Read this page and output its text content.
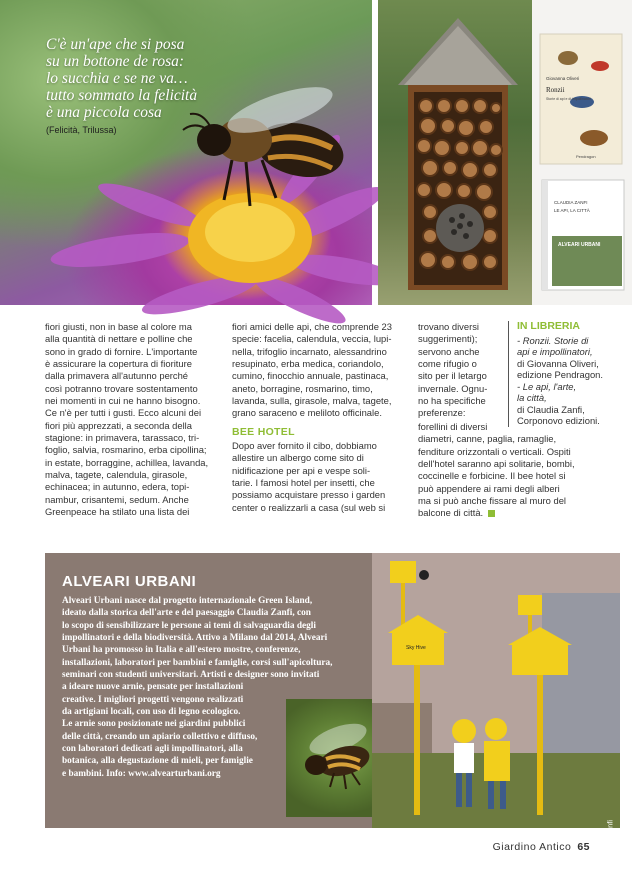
C'è un'ape che si posa
su un bottone de rosa:
lo succhia e se ne va…
tutto sommato la felicità
è una piccola cosa
(Felicità, Trilussa)
Giovanna Oliveri
Ronzii
Storie di api e di impollinatori
Pendragon
CLAUDIA ZANFI
LE API, LA CITTÀ
ALVEARI URBANI

fiori giusti, non in base al colore ma

alla quantità di nettare e polline che

sono in grado di fornire. L'importante

è assicurare la copertura di fioriture

dalla primavera all'autunno perché

così potranno trovare sostentamento

nei momenti in cui ne hanno bisogno.

Ce n'è per tutti i gusti. Ecco alcuni dei

fiori più apprezzati, a seconda della

stagione: in primavera, tarassaco, tri-

foglio, salvia, rosmarino, erba cipollina;

in estate, borraggine, achillea, lavanda,

malva, tagete, calendula, girasole,

echinacea; in autunno, edera, topi-

nambur, crisantemi, sedum. Anche

Greenpeace ha stilato una lista dei

fiori amici delle api, che comprende 23

specie: facelia, calendula, veccia, lupi-

nella, trifoglio incarnato, alessandrino

resupinato, erba medica, coriandolo,

cumino, finocchio annuale, pastinaca,

aneto, borragine, rosmarino, timo,

lavanda, sulla, girasole, malva, tagete,

grano saraceno e meliloto officinale.

BEE HOTEL

Dopo aver fornito il cibo, dobbiamo

allestire un albergo come sito di

nidificazione per api e vespe soli-

tarie. I famosi hotel per insetti, che

possiamo acquistare presso i garden

center o realizzarli a casa (sul web si

trovano diversi

suggerimenti);

servono anche

come rifugio o

sito per il letargo

invernale. Ognu-

no ha specifiche

preferenze:

forellini di diversi

diametri, canne, paglia, ramaglie,

fenditure orizzontali o verticali. Ospiti

dell'hotel saranno api solitarie, bombi,

coccinelle e forbicine. Il bee hotel si

può appendere ai rami degli alberi

ma si può anche fissare al muro del

balcone di città.

IN LIBRERIA

- Ronzii. Storie di

api e impollinatori,

di Giovanna Oliveri,

edizione Pendragon.

- Le api, l'arte,

la città,

di Claudia Zanfi,

Corponovo edizioni.

ALVEARI URBANI

Alveari Urbani nasce dal progetto internazionale Green Island,

ideato dalla storica dell'arte e del paesaggio Claudia Zanfi, con

lo scopo di sensibilizzare le persone ai temi di salvaguardia degli

impollinatori e della biodiversità. Attivo a Milano dal 2014, Alveari

Urbani ha promosso in Italia e all'estero mostre, conferenze,

installazioni, laboratori per bambini e famiglie, corsi sull'apicoltura,

seminari con studenti universitari. Artisti e designer sono invitati

a ideare nuove arnie, pensate per installazioni

creative. I migliori progetti vengono realizzati

da artigiani locali, con uso di legno ecologico.

Le arnie sono posizionate nei giardini pubblici

delle città, creando un apiario collettivo e diffuso,

con laboratori dedicati agli impollinatori, alla

botanica, alla degustazione di mieli, per famiglie

e bambini. Info: www.alvearturbani.org

Sky Hive
Foto Claudia Zanfi
Giardino Antico 65
